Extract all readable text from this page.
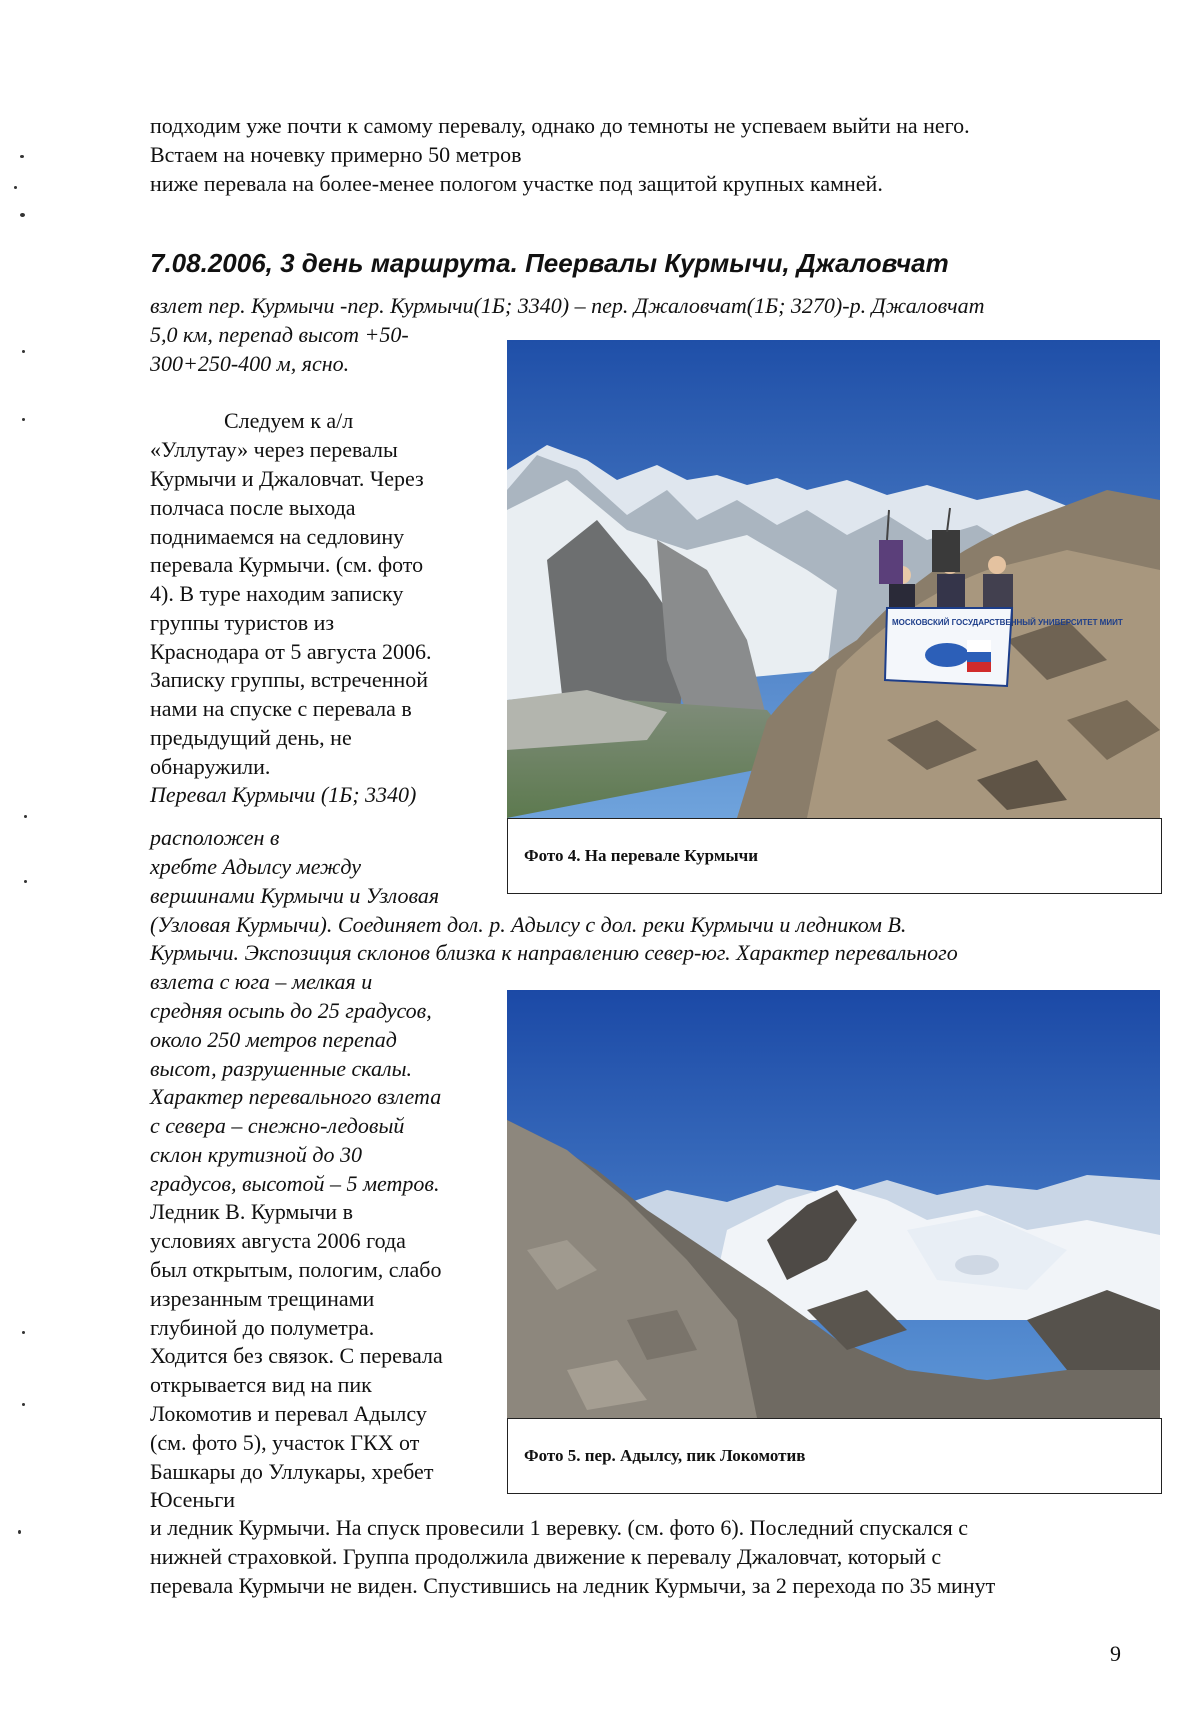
подходим уже почти к самому перевалу, однако до темноты не успеваем выйти на него.
Встаем на ночевку примерно 50 метров
ниже перевала на более-менее пологом участке под защитой крупных камней.
7.08.2006, 3 день маршрута. Пеервалы Курмычи, Джаловчат
взлет пер. Курмычи -пер. Курмычи(1Б; 3340) – пер. Джаловчат(1Б; 3270)-р. Джаловчат
5,0 км, перепад высот +50-
300+250-400 м, ясно.
Следуем к а/л
«Уллутау» через перевалы
Курмычи и Джаловчат. Через
полчаса после выхода
поднимаемся на седловину
перевала Курмычи. (см. фото
4). В туре находим записку
группы туристов из
Краснодара от 5 августа 2006.
Записку группы, встреченной
нами на спуске с перевала в
предыдущий день, не
обнаружили.
Перевал Курмычи (1Б; 3340)
расположен в
хребте Адылсу между
вершинами Курмычи и Узловая
(Узловая Курмычи). Соединяет дол. р. Адылсу с дол. реки Курмычи и ледником В.
Курмычи. Экспозиция склонов близка к направлению север-юг. Характер перевального
взлета с юга – мелкая и
средняя осыпь до 25 градусов,
около 250 метров перепад
высот, разрушенные скалы.
Характер перевального взлета
с севера – снежно-ледовый
склон крутизной до 30
градусов, высотой – 5 метров.
Ледник В. Курмычи в
условиях августа 2006 года
был открытым, пологим, слабо
изрезанным трещинами
глубиной до полуметра.
Ходится без связок. С перевала
открывается вид на пик
Локомотив и перевал Адылсу
(см. фото 5), участок ГКХ от
Башкары до Уллукары, хребет
Юсеньги
и ледник Курмычи. На спуск провесили 1 веревку. (см. фото 6). Последний спускался с
нижней страховкой. Группа продолжила движение к перевалу Джаловчат, который с
перевала Курмычи не виден. Спустившись на ледник Курмычи, за 2 перехода по 35 минут
МОСКОВСКИЙ ГОСУДАРСТВЕННЫЙ УНИВЕРСИТЕТ МИИТ
Фото 4. На перевале Курмычи
Фото 5. пер. Адылсу, пик Локомотив
9
